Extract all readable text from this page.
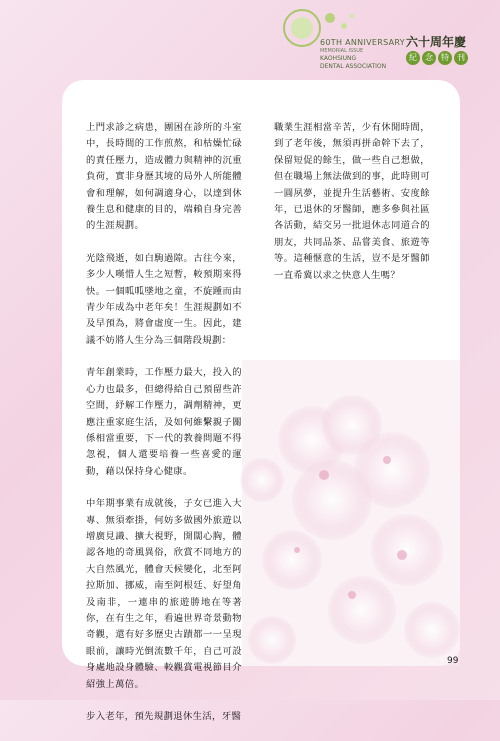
60TH ANNIVERSARY
MEMORIAL ISSUE
KAOHSIUNG
DENTAL ASSOCIATION
六十周年慶
紀	念	特	刊

上門求診之病患，團困在診所的斗室中，長時間的工作煎熬，和枯燥忙碌的責任壓力，造成體力與精神的沉重負荷，實非身歷其境的局外人所能體會和理解，如何調適身心，以達到休養生息和健康的目的，端賴自身完善的生涯規劃。

光陰飛逝，如白駒過隙。古往今來，多少人嘆惜人生之短暫，較預期來得快。一個呱呱墜地之童，不旋踵而由青少年成為中老年矣！生涯規劃如不及早預為，將會虛度一生。因此，建議不妨將人生分為三個階段規劃：

青年創業時，工作壓力最大，投入的心力也最多，但總得給自己預留些許空間，紓解工作壓力，調劑精神，更應注重家庭生活，及如何維繫親子關係相當重要，下一代的教養問題不得忽視，個人還要培養一些喜愛的運動，藉以保持身心健康。

中年期事業有成就後，子女已進入大專、無須牽掛，何妨多做國外旅遊以增廣見識、擴大視野，開闊心胸，體認各地的奇風異俗，欣賞不同地方的大自然風光，體會天候變化，北至阿拉斯加、挪威，南至阿根廷、好望角及南非，一連串的旅遊勝地在等著你，在有生之年，看遍世界奇景動物奇觀，還有好多歷史古蹟都一一呈現眼前，讓時光倒流數千年，自己可設身處地設身體驗、較觀賞電視節目介紹強上萬倍。

步入老年，預先規劃退休生活，牙醫

職業生涯相當辛苦，少有休閒時間，到了老年後，無須再拼命幹下去了，保留短促的餘生，做一些自己想做，但在職場上無法做到的事，此時則可一圓夙夢，並提升生活藝術、安度餘年，已退休的牙醫師，應多參與社區各活動，結交另一批退休志同道合的朋友，共同品茶、品嘗美食、旅遊等等。這種愜意的生活，豈不是牙醫師一直希冀以求之快意人生嗎？

99
